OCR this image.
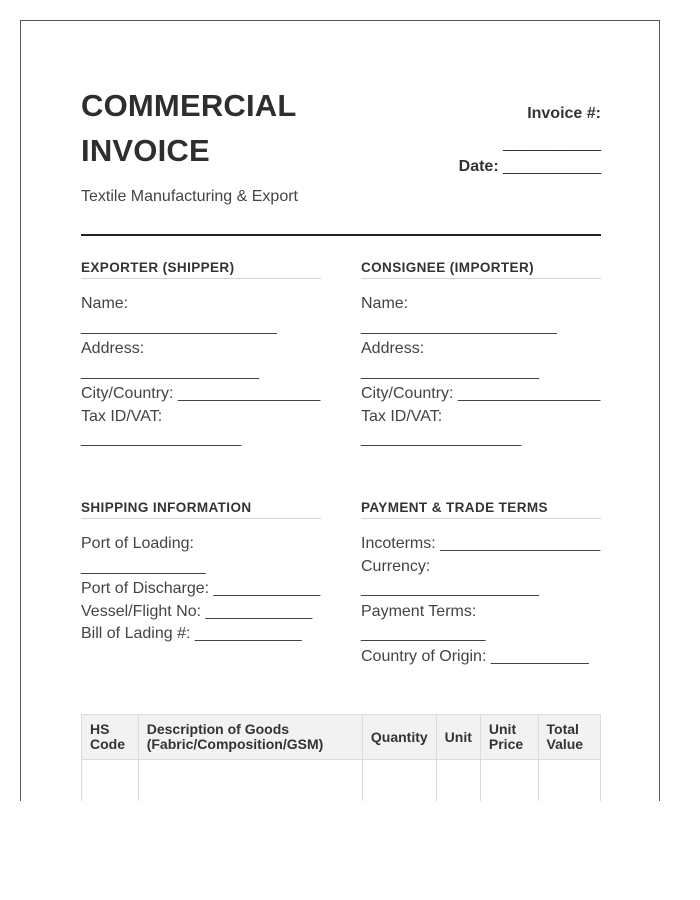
COMMERCIAL INVOICE
Textile Manufacturing & Export
Invoice #:
___________
Date: ___________
EXPORTER (SHIPPER)

Name: ______________________

Address: ____________________

City/Country: ________________

Tax ID/VAT: __________________

CONSIGNEE (IMPORTER)

Name: ______________________

Address: ____________________

City/Country: ________________

Tax ID/VAT: __________________

SHIPPING INFORMATION

Port of Loading: ______________

Port of Discharge: ____________

Vessel/Flight No: ____________

Bill of Lading #: ____________

PAYMENT & TRADE TERMS

Incoterms: __________________

Currency: ____________________

Payment Terms: ______________

Country of Origin: ___________

HS Code	Description of Goods (Fabric/Composition/GSM)	Quantity	Unit	Unit Price	Total Value
